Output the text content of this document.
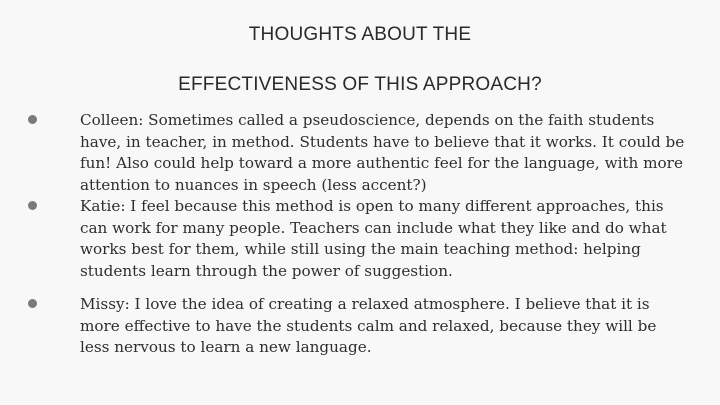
THOUGHTS ABOUT THE
EFFECTIVENESS OF THIS APPROACH?
Colleen: Sometimes called a pseudoscience, depends on the faith students have, in teacher, in method. Students have to believe that it works. It could be fun! Also could help toward a more authentic feel for the language, with more attention to nuances in speech (less accent?)
Katie: I feel because this method is open to many different approaches, this can work for many people. Teachers can include what they like and do what works best for them, while still using the main teaching method: helping students learn through the power of suggestion.
Missy: I love the idea of creating a relaxed atmosphere. I believe that it is more effective to have the students calm and relaxed, because they will be less nervous to learn a new language.
